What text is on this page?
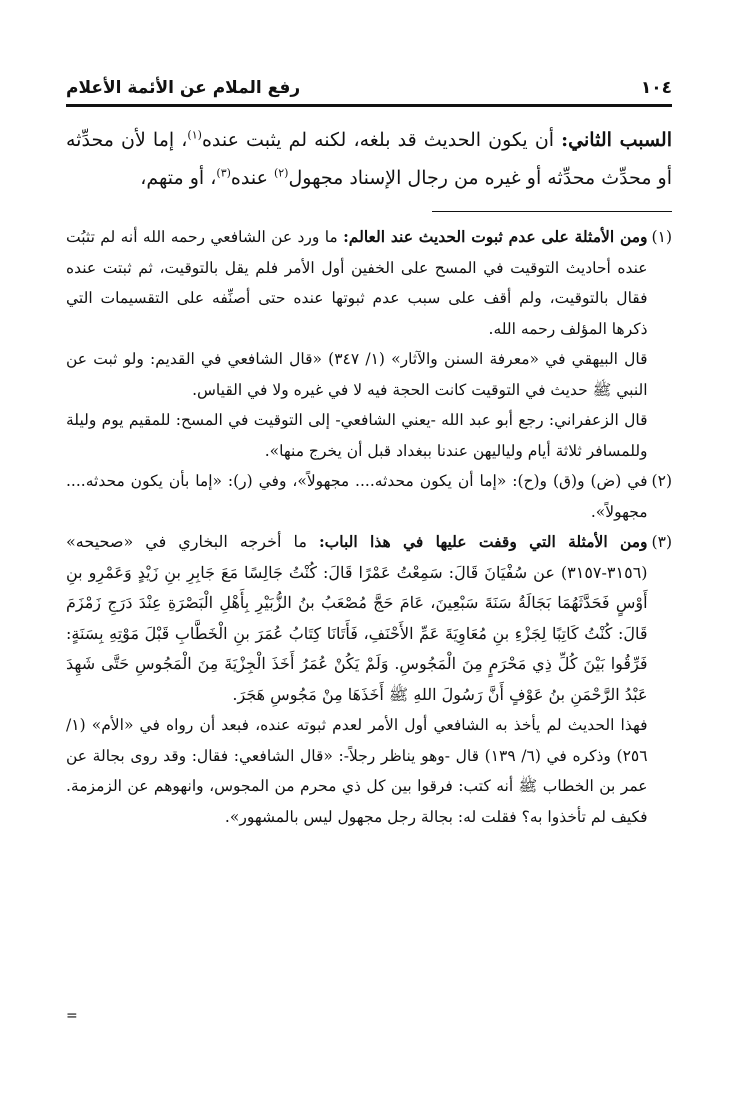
١٠٤
رفع الملام عن الأئمة الأعلام
السبب الثاني: أن يكون الحديث قد بلغه، لكنه لم يثبت عنده$^{(١)}$، إما لأن محدِّثه أو محدِّث محدِّثه أو غيره من رجال الإسناد مجهول$^{(٢)}$ عنده$^{(٣)}$، أو متهم،
(١)

ومن الأمثلة على عدم ثبوت الحديث عند العالم: ما ورد عن الشافعي رحمه الله أنه لم تثبُت عنده أحاديث التوقيت في المسح على الخفين أول الأمر فلم يقل بالتوقيت، ثم ثبتت عنده فقال بالتوقيت، ولم أقف على سبب عدم ثبوتها عنده حتى أصنِّفه على التقسيمات التي ذكرها المؤلف رحمه الله.

قال البيهقي في «معرفة السنن والآثار» (١/ ٣٤٧) «قال الشافعي في القديم: ولو ثبت عن النبي ﷺ حديث في التوقيت كانت الحجة فيه لا في غيره ولا في القياس.

قال الزعفراني: رجع أبو عبد الله -يعني الشافعي- إلى التوقيت في المسح: للمقيم يوم وليلة وللمسافر ثلاثة أيام ولياليهن عندنا ببغداد قبل أن يخرج منها».

(٢)

في (ض) و(ق) و(ح): «إما أن يكون محدثه.... مجهولاً»، وفي (ر): «إما بأن يكون محدثه.... مجهولاً».

(٣)

ومن الأمثلة التي وقفت عليها في هذا الباب: ما أخرجه البخاري في «صحيحه» (٣١٥٦-٣١٥٧) عن سُفْيَانَ قَالَ: سَمِعْتُ عَمْرًا قَالَ: كُنْتُ جَالِسًا مَعَ جَابِرِ بنِ زَيْدٍ وَعَمْرِو بنِ أَوْسٍ فَحَدَّثَهُمَا بَجَالَةُ سَنَةَ سَبْعِينَ، عَامَ حَجَّ مُصْعَبُ بنُ الزُّبَيْرِ بِأَهْلِ الْبَصْرَةِ عِنْدَ دَرَجِ زَمْزَمَ قَالَ: كُنْتُ كَاتِبًا لِجَزْءِ بنِ مُعَاوِيَةَ عَمِّ الأَحْنَفِ، فَأَتَانَا كِتَابُ عُمَرَ بنِ الْخَطَّابِ قَبْلَ مَوْتِهِ بِسَنَةٍ: فَرِّقُوا بَيْنَ كُلِّ ذِي مَحْرَمٍ مِنَ الْمَجُوسِ. وَلَمْ يَكُنْ عُمَرُ أَخَذَ الْجِزْيَةَ مِنَ الْمَجُوسِ حَتَّى شَهِدَ عَبْدُ الرَّحْمَنِ بنُ عَوْفٍ أَنَّ رَسُولَ اللهِ ﷺ أَخَذَهَا مِنْ مَجُوسِ هَجَرَ.

فهذا الحديث لم يأخذ به الشافعي أول الأمر لعدم ثبوته عنده، فبعد أن رواه في «الأم» (١/ ٢٥٦) وذكره في (٦/ ١٣٩) قال -وهو يناظر رجلاً-: «قال الشافعي: فقال: وقد روى بجالة عن عمر بن الخطاب ﷺ أنه كتب: فرقوا بين كل ذي محرم من المجوس، وانهوهم عن الزمزمة. فكيف لم تأخذوا به؟ فقلت له: بجالة رجل مجهول ليس بالمشهور».

=
